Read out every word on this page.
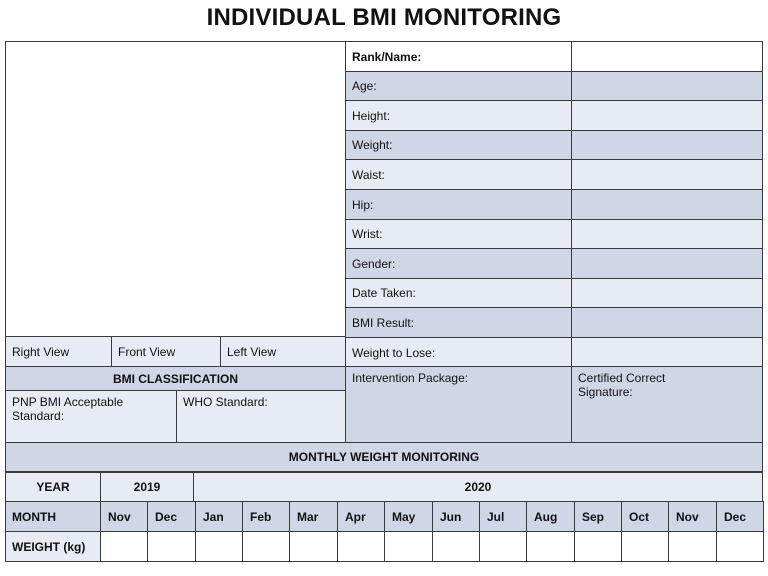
INDIVIDUAL BMI MONITORING
Rank/Name:
Age:
Height:
Weight:
Waist:
Hip:
Wrist:
Gender:
Date Taken:
BMI Result:
Weight to Lose:
Right View	Front View	Left View
BMI CLASSIFICATION
PNP BMI Acceptable Standard:
WHO Standard:
Intervention Package:	Certified Correct Signature:
MONTHLY WEIGHT MONITORING
YEAR	2019	2020
MONTH	Nov	Dec	Jan	Feb	Mar	Apr	May	Jun	Jul	Aug	Sep	Oct	Nov	Dec
WEIGHT (kg)
